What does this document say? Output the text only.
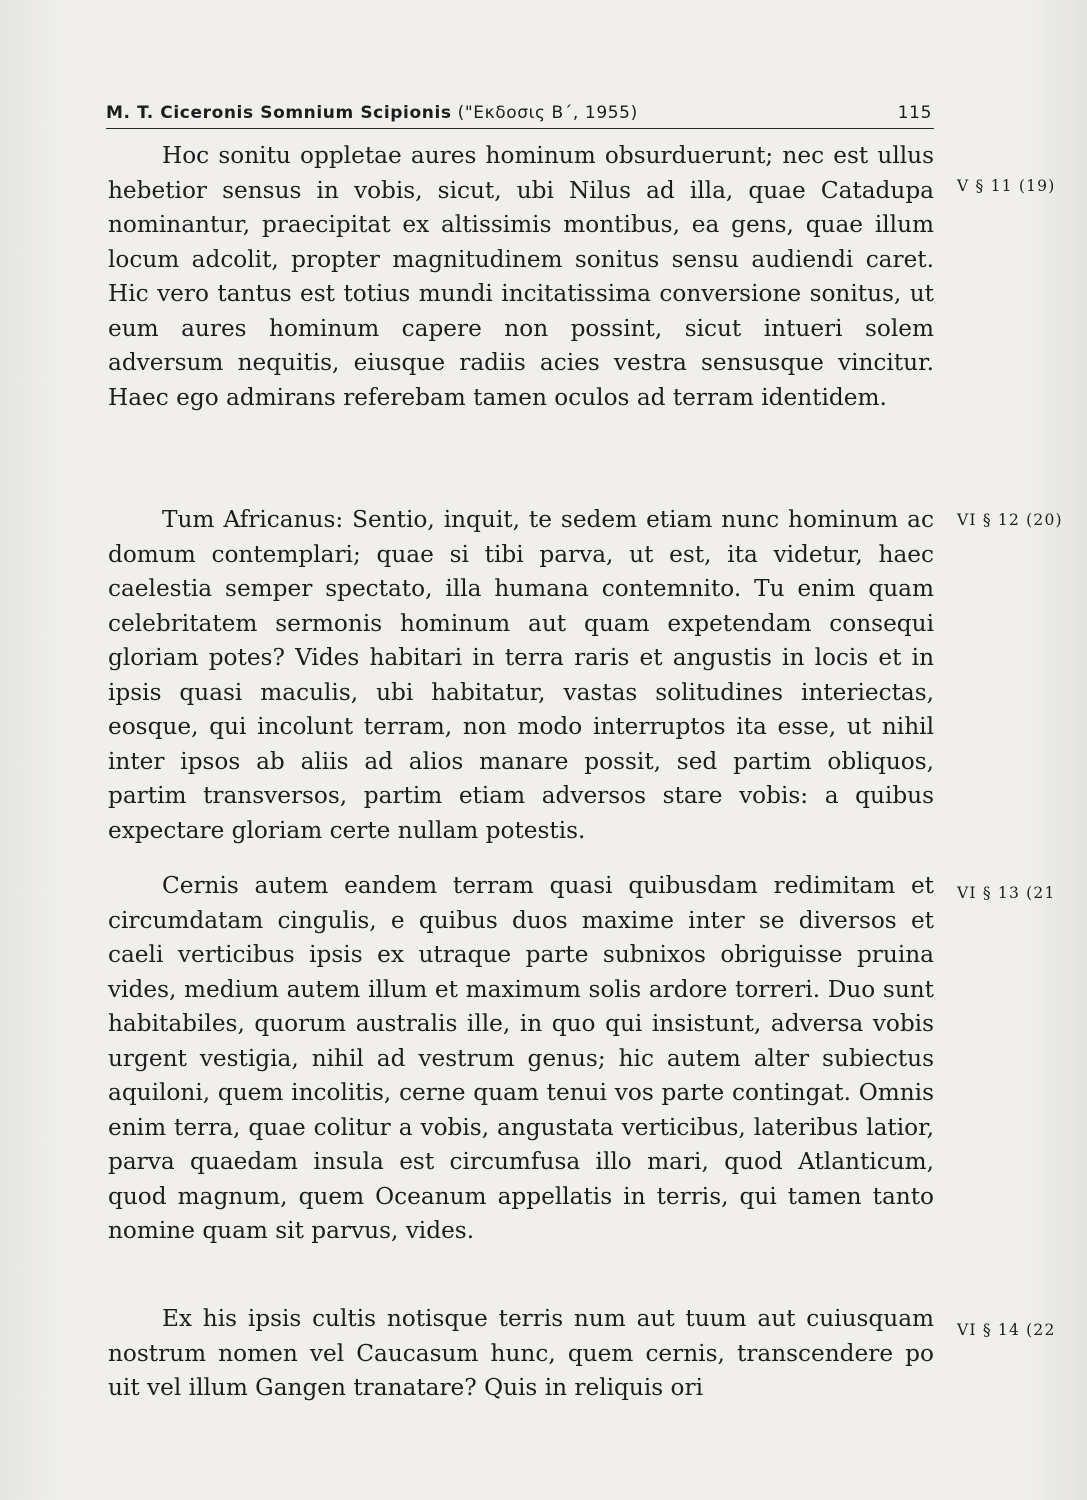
M. T. Ciceronis Somnium Scipionis ("Εκδοσις Β΄, 1955)	115

Hoc sonitu oppletae aures hominum obsurduerunt; nec est ullus hebetior sensus in vobis, sicut, ubi Nilus ad illa, quae Catadupa nominantur, praecipitat ex altissimis montibus, ea gens, quae illum locum adcolit, propter magnitudinem sonitus sensu audiendi caret. Hic vero tantus est totius mundi incitatissima conversione sonitus, ut eum aures hominum capere non possint, sicut intueri solem adversum nequitis, eiusque radiis acies vestra sensusque vincitur. Haec ego admirans referebam tamen oculos ad terram identidem.

V § 11 (19)

Tum Africanus: Sentio, inquit, te sedem etiam nunc hominum ac domum contemplari; quae si tibi parva, ut est, ita videtur, haec caelestia semper spectato, illa humana contemnito. Tu enim quam celebritatem sermonis hominum aut quam expetendam consequi gloriam potes? Vides habitari in terra raris et angustis in locis et in ipsis quasi maculis, ubi habitatur, vastas solitudines interiectas, eosque, qui incolunt terram, non modo interruptos ita esse, ut nihil inter ipsos ab aliis ad alios manare possit, sed partim obliquos, partim transversos, partim etiam adversos stare vobis: a quibus expectare gloriam certe nullam potestis.

VI § 12 (20)

Cernis autem eandem terram quasi quibusdam redimitam et circumdatam cingulis, e quibus duos maxime inter se diversos et caeli verticibus ipsis ex utraque parte subnixos obriguisse pruina vides, medium autem illum et maximum solis ardore torreri. Duo sunt habitabiles, quorum australis ille, in quo qui insistunt, adversa vobis urgent vestigia, nihil ad vestrum genus; hic autem alter subiectus aquiloni, quem incolitis, cerne quam tenui vos parte contingat. Omnis enim terra, quae colitur a vobis, angustata verticibus, lateribus latior, parva quaedam insula est circumfusa illo mari, quod Atlanticum, quod magnum, quem Oceanum appellatis in terris, qui tamen tanto nomine quam sit parvus, vides.

VI § 13 (21

Ex his ipsis cultis notisque terris num aut tuum aut cuiusquam nostrum nomen vel Caucasum hunc, quem cernis, transcendere po uit vel illum Gangen tranatare? Quis in reliquis ori

VI § 14 (22
